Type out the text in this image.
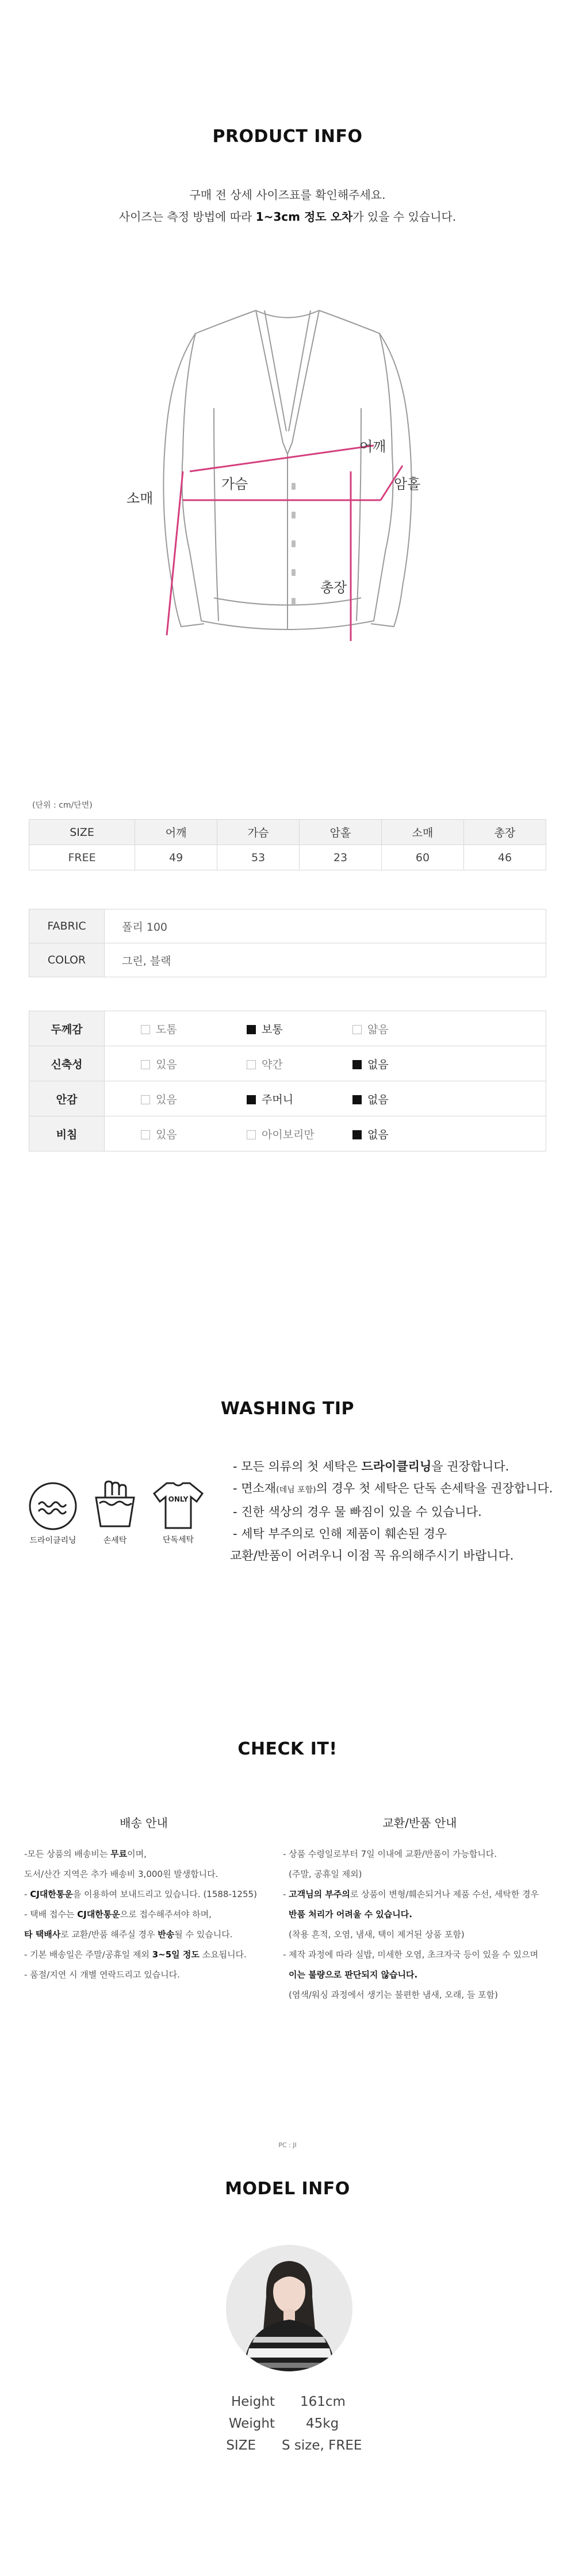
PRODUCT INFO
구매 전 상세 사이즈표를 확인해주세요.
사이즈는 측정 방법에 따라 1~3cm 정도 오차가 있을 수 있습니다.
어깨
가슴
소매
암홀
총장
(단위 : cm/단면)
SIZE	어깨	가슴	암홀	소매	총장
FREE	49	53	23	60	46
FABRIC	폴리 100
COLOR	그린, 블랙
두께감	도톰 보통 얇음
신축성	있음 약간 없음
안감	있음 주머니 없음
비침	있음 아이보리만 없음
WASHING TIP
드라이클리닝	손세탁
ONLY
단독세탁
- 모든 의류의 첫 세탁은 드라이클리닝을 권장합니다.
- 면소재(데님 포함)의 경우 첫 세탁은 단독 손세탁을 권장합니다.
- 진한 색상의 경우 물 빠짐이 있을 수 있습니다.
- 세탁 부주의로 인해 제품이 훼손된 경우
교환/반품이 어려우니 이점 꼭 유의해주시기 바랍니다.
CHECK IT!
배송 안내
-모든 상품의 배송비는 무료이며,
도서/산간 지역은 추가 배송비 3,000원 발생합니다.
- CJ대한통운을 이용하여 보내드리고 있습니다. (1588-1255)
- 택배 접수는 CJ대한통운으로 접수해주셔야 하며,
타 택배사로 교환/반품 해주실 경우 반송될 수 있습니다.
- 기본 배송일은 주말/공휴일 제외 3~5일 정도 소요됩니다.
- 품절/지연 시 개별 연락드리고 있습니다.
교환/반품 안내
- 상품 수령일로부터 7일 이내에 교환/반품이 가능합니다.
(주말, 공휴일 제외)
- 고객님의 부주의로 상품이 변형/훼손되거나 제품 수선, 세탁한 경우
반품 처리가 어려울 수 있습니다.
(착용 흔적, 오염, 냄새, 택이 제거된 상품 포함)
- 제작 과정에 따라 실밥, 미세한 오염, 초크자국 등이 있을 수 있으며
이는 불량으로 판단되지 않습니다.
(염색/워싱 과정에서 생기는 불편한 냄새, 오래, 들 포함)
PC : JI
MODEL INFO
Height 161cm
Weight 45kg
SIZE S size, FREE
